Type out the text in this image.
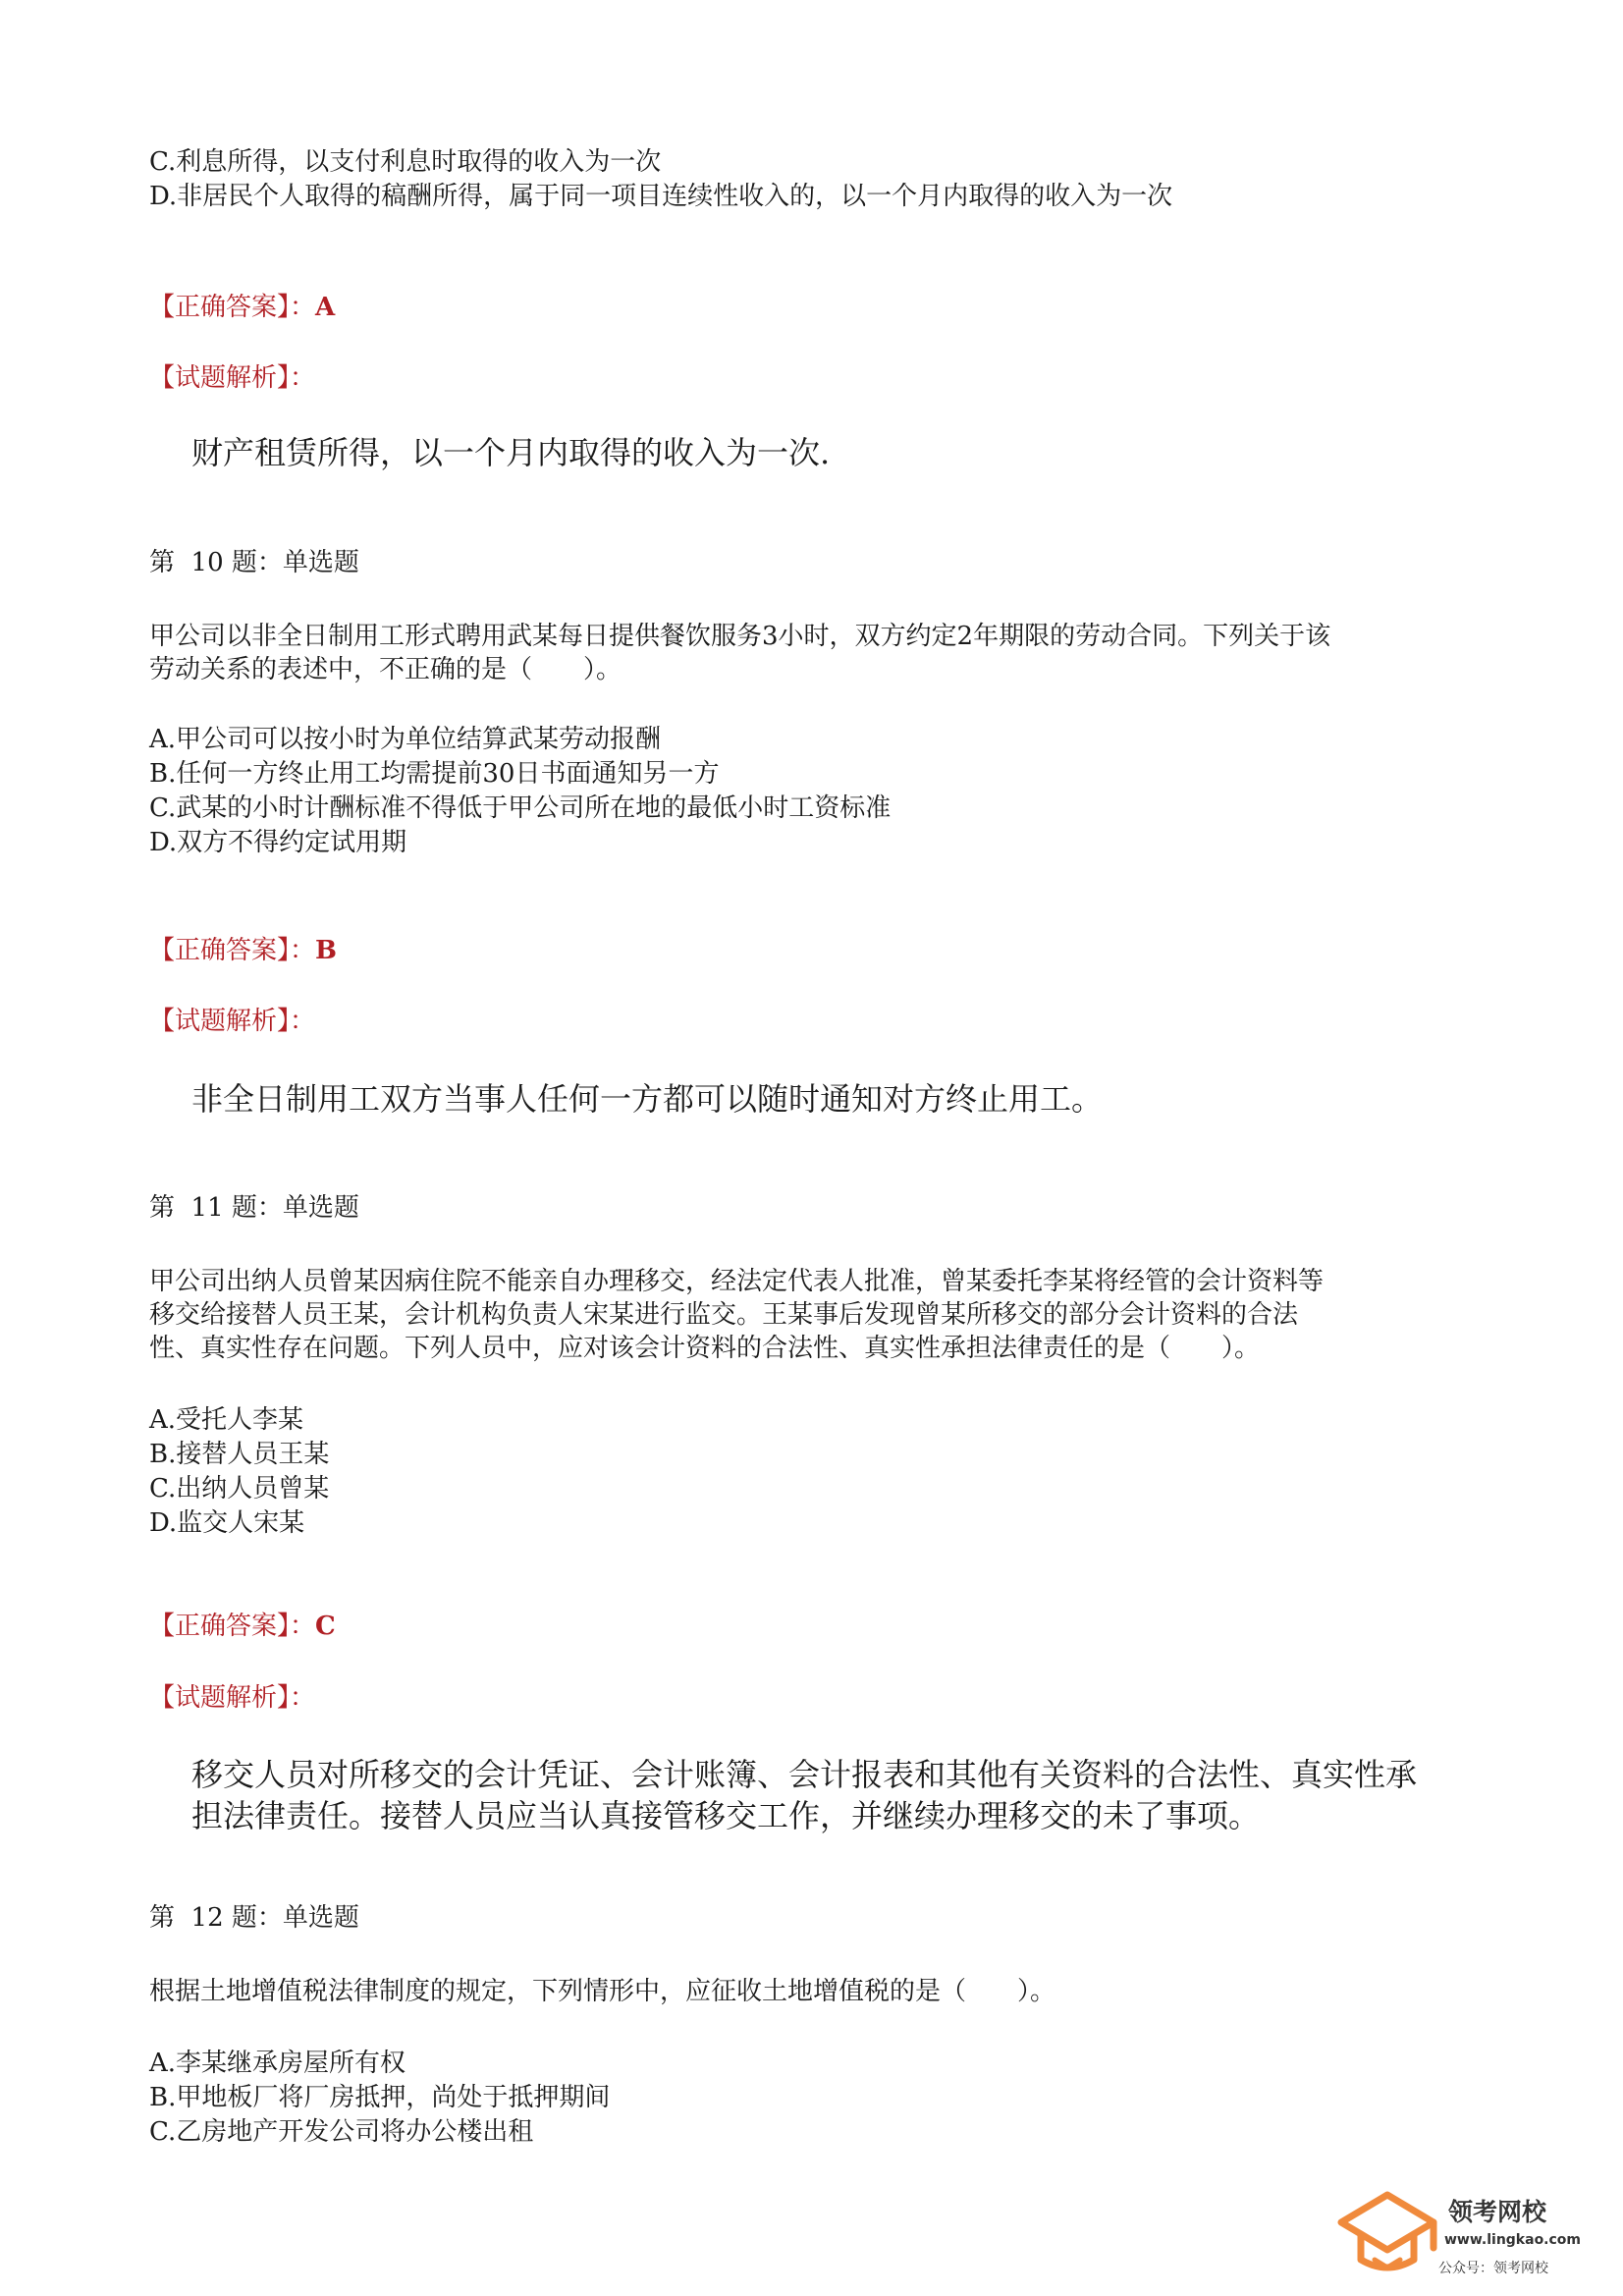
C.利息所得，以支付利息时取得的收入为一次
D.非居民个人取得的稿酬所得，属于同一项目连续性收入的，以一个月内取得的收入为一次
【正确答案】：A
【试题解析】：
财产租赁所得，以一个月内取得的收入为一次.
第 10 题：单选题
甲公司以非全日制用工形式聘用武某每日提供餐饮服务3小时，双方约定2年期限的劳动合同。下列关于该
劳动关系的表述中，不正确的是（　　）。
A.甲公司可以按小时为单位结算武某劳动报酬
B.任何一方终止用工均需提前30日书面通知另一方
C.武某的小时计酬标准不得低于甲公司所在地的最低小时工资标准
D.双方不得约定试用期
【正确答案】：B
【试题解析】：
非全日制用工双方当事人任何一方都可以随时通知对方终止用工。
第 11 题：单选题
甲公司出纳人员曾某因病住院不能亲自办理移交，经法定代表人批准，曾某委托李某将经管的会计资料等
移交给接替人员王某，会计机构负责人宋某进行监交。王某事后发现曾某所移交的部分会计资料的合法
性、真实性存在问题。下列人员中，应对该会计资料的合法性、真实性承担法律责任的是（　　）。
A.受托人李某
B.接替人员王某
C.出纳人员曾某
D.监交人宋某
【正确答案】：C
【试题解析】：
移交人员对所移交的会计凭证、会计账簿、会计报表和其他有关资料的合法性、真实性承
担法律责任。接替人员应当认真接管移交工作，并继续办理移交的未了事项。
第 12 题：单选题
根据土地增值税法律制度的规定，下列情形中，应征收土地增值税的是（　　）。
A.李某继承房屋所有权
B.甲地板厂将厂房抵押，尚处于抵押期间
C.乙房地产开发公司将办公楼出租
领考网校
www.lingkao.com
公众号：领考网校
